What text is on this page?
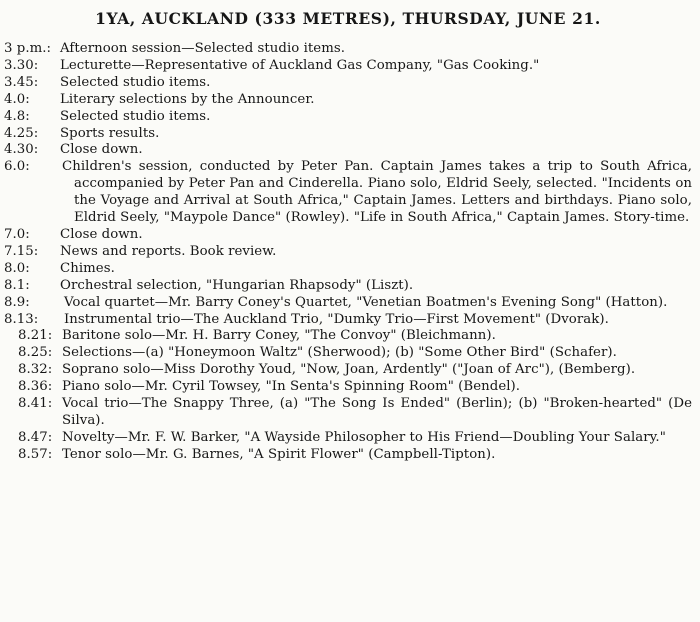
1YA, AUCKLAND (333 METRES), THURSDAY, JUNE 21.
3 p.m.: Afternoon session—Selected studio items.
3.30:	Lecturette—Representative of Auckland Gas Company, "Gas Cooking."
3.45:	Selected studio items.
4.0:	Literary selections by the Announcer.
4.8:	Selected studio items.
4.25:	Sports results.
4.30:	Close down.
6.0:	Children's session, conducted by Peter Pan. Captain James takes a trip to South Africa, accompanied by Peter Pan and Cinderella. Piano solo, Eldrid Seely, selected. "Incidents on the Voyage and Arrival at South Africa," Captain James. Letters and birthdays. Piano solo, Eldrid Seely, "Maypole Dance" (Rowley). "Life in South Africa," Captain James. Story-time.
7.0:	Close down.
7.15:	News and reports. Book review.
8.0:	Chimes.
8.1:	Orchestral selection, "Hungarian Rhapsody" (Liszt).
8.9:	Vocal quartet—Mr. Barry Coney's Quartet, "Venetian Boatmen's Evening Song" (Hatton).
8.13:	Instrumental trio—The Auckland Trio, "Dumky Trio—First Movement" (Dvorak).
8.21: Baritone solo—Mr. H. Barry Coney, "The Convoy" (Bleichmann).
8.25: Selections—(a) "Honeymoon Waltz" (Sherwood); (b) "Some Other Bird" (Schafer).
8.32: Soprano solo—Miss Dorothy Youd, "Now, Joan, Ardently" ("Joan of Arc"), (Bemberg).
8.36: Piano solo—Mr. Cyril Towsey, "In Senta's Spinning Room" (Bendel).
8.41: Vocal trio—The Snappy Three, (a) "The Song Is Ended" (Berlin); (b) "Broken-hearted" (De Silva).
8.47: Novelty—Mr. F. W. Barker, "A Wayside Philosopher to His Friend—Doubling Your Salary."
8.57: Tenor solo—Mr. G. Barnes, "A Spirit Flower" (Campbell-Tipton).
